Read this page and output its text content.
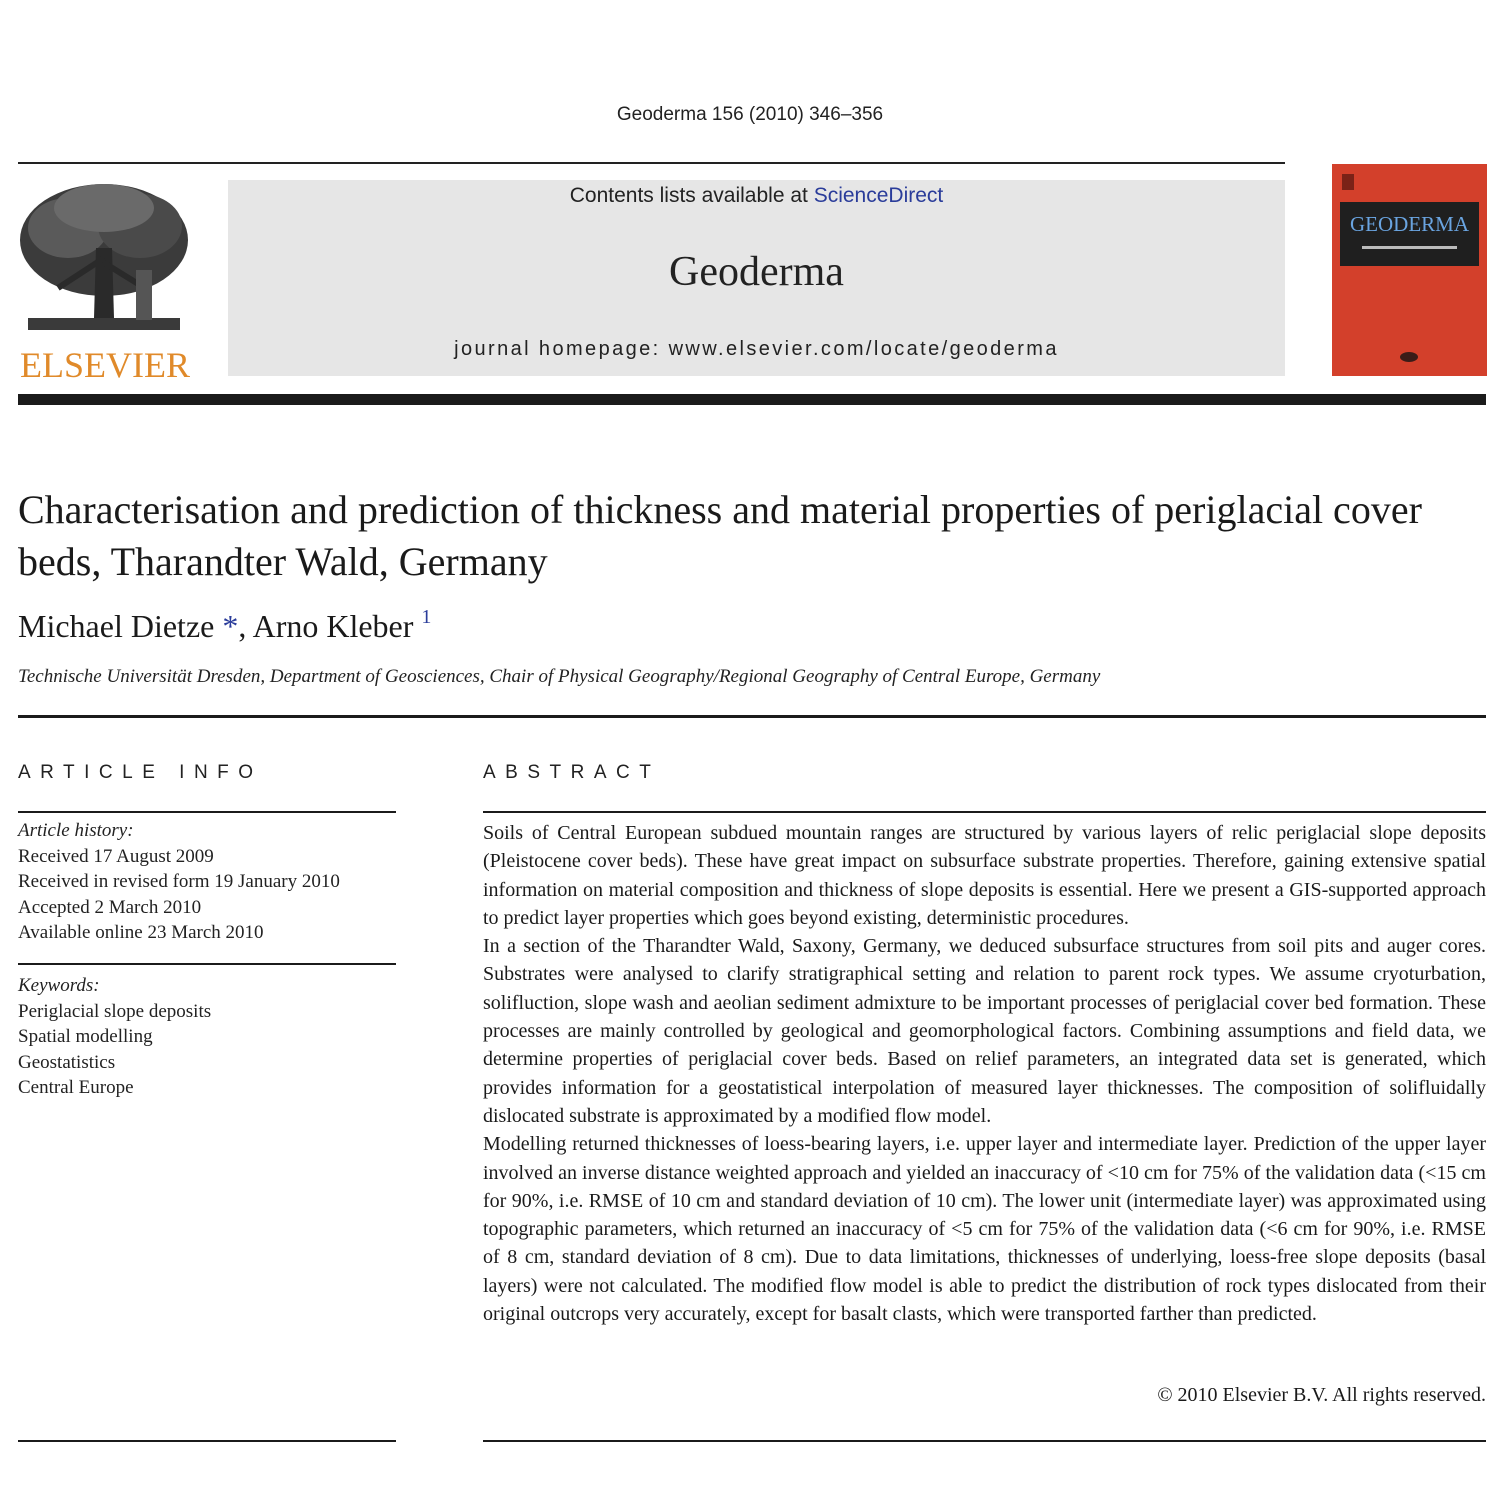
Geoderma 156 (2010) 346–356
ELSEVIER
Contents lists available at ScienceDirect
Geoderma
journal homepage: www.elsevier.com/locate/geoderma
GEODERMA
Characterisation and prediction of thickness and material properties of periglacial cover beds, Tharandter Wald, Germany
Michael Dietze *, Arno Kleber $^1$
Technische Universität Dresden, Department of Geosciences, Chair of Physical Geography/Regional Geography of Central Europe, Germany
ARTICLE INFO
Article history:
Received 17 August 2009
Received in revised form 19 January 2010
Accepted 2 March 2010
Available online 23 March 2010
Keywords:
Periglacial slope deposits
Spatial modelling
Geostatistics
Central Europe
ABSTRACT

Soils of Central European subdued mountain ranges are structured by various layers of relic periglacial slope deposits (Pleistocene cover beds). These have great impact on subsurface substrate properties. Therefore, gaining extensive spatial information on material composition and thickness of slope deposits is essential. Here we present a GIS-supported approach to predict layer properties which goes beyond existing, deterministic procedures.

In a section of the Tharandter Wald, Saxony, Germany, we deduced subsurface structures from soil pits and auger cores. Substrates were analysed to clarify stratigraphical setting and relation to parent rock types. We assume cryoturbation, solifluction, slope wash and aeolian sediment admixture to be important processes of periglacial cover bed formation. These processes are mainly controlled by geological and geomorphological factors. Combining assumptions and field data, we determine properties of periglacial cover beds. Based on relief parameters, an integrated data set is generated, which provides information for a geostatistical interpolation of measured layer thicknesses. The composition of solifluidally dislocated substrate is approximated by a modified flow model.

Modelling returned thicknesses of loess-bearing layers, i.e. upper layer and intermediate layer. Prediction of the upper layer involved an inverse distance weighted approach and yielded an inaccuracy of <10 cm for 75% of the validation data (<15 cm for 90%, i.e. RMSE of 10 cm and standard deviation of 10 cm). The lower unit (intermediate layer) was approximated using topographic parameters, which returned an inaccuracy of <5 cm for 75% of the validation data (<6 cm for 90%, i.e. RMSE of 8 cm, standard deviation of 8 cm). Due to data limitations, thicknesses of underlying, loess-free slope deposits (basal layers) were not calculated. The modified flow model is able to predict the distribution of rock types dislocated from their original outcrops very accurately, except for basalt clasts, which were transported farther than predicted.

© 2010 Elsevier B.V. All rights reserved.
